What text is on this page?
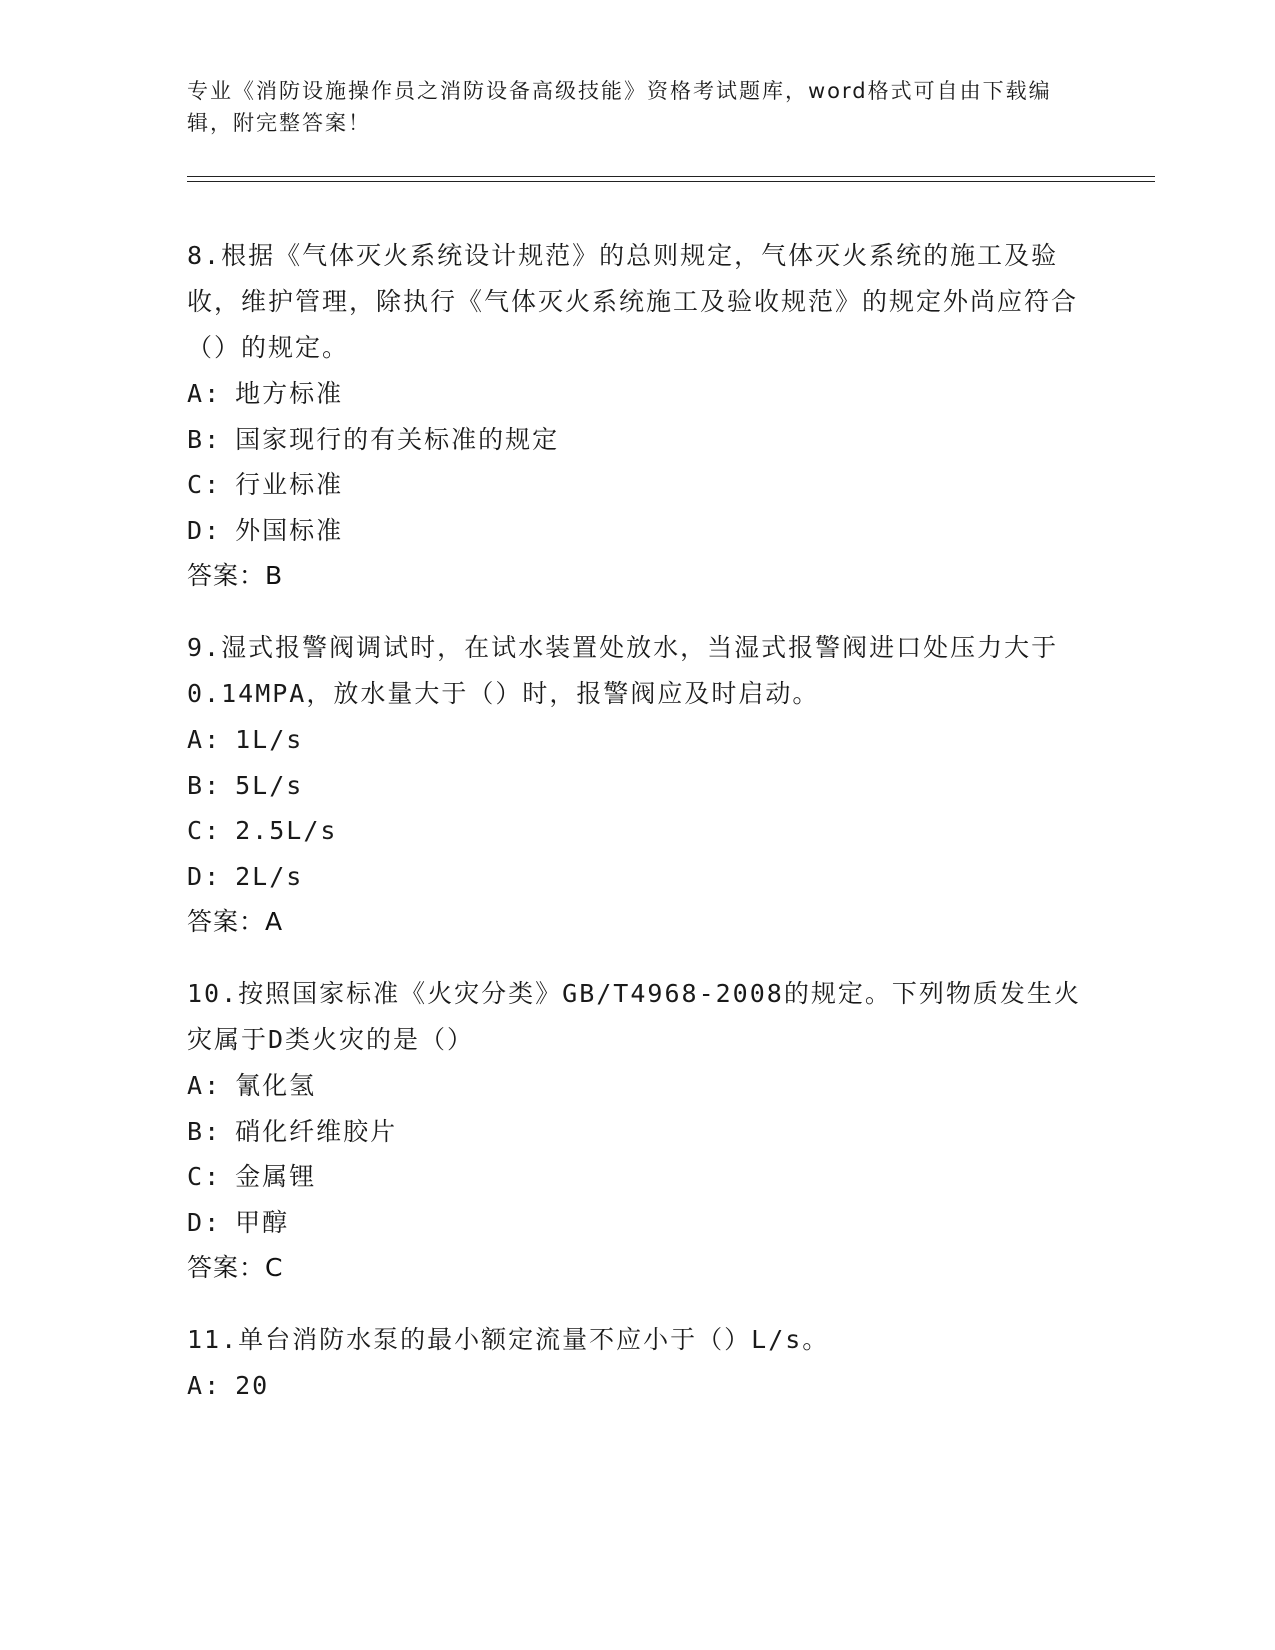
专业《消防设施操作员之消防设备高级技能》资格考试题库，word格式可自由下载编辑，附完整答案！

8.根据《气体灭火系统设计规范》的总则规定，气体灭火系统的施工及验收，维护管理，除执行《气体灭火系统施工及验收规范》的规定外尚应符合（）的规定。

A: 地方标准
B: 国家现行的有关标准的规定
C: 行业标准
D: 外国标准
答案：B

9.湿式报警阀调试时，在试水装置处放水，当湿式报警阀进口处压力大于0.14MPA，放水量大于（）时，报警阀应及时启动。

A: 1L/s
B: 5L/s
C: 2.5L/s
D: 2L/s
答案：A

10.按照国家标准《火灾分类》GB/T4968-2008的规定。下列物质发生火灾属于D类火灾的是（）

A: 氰化氢
B: 硝化纤维胶片
C: 金属锂
D: 甲醇
答案：C

11.单台消防水泵的最小额定流量不应小于（）L/s。

A: 20
